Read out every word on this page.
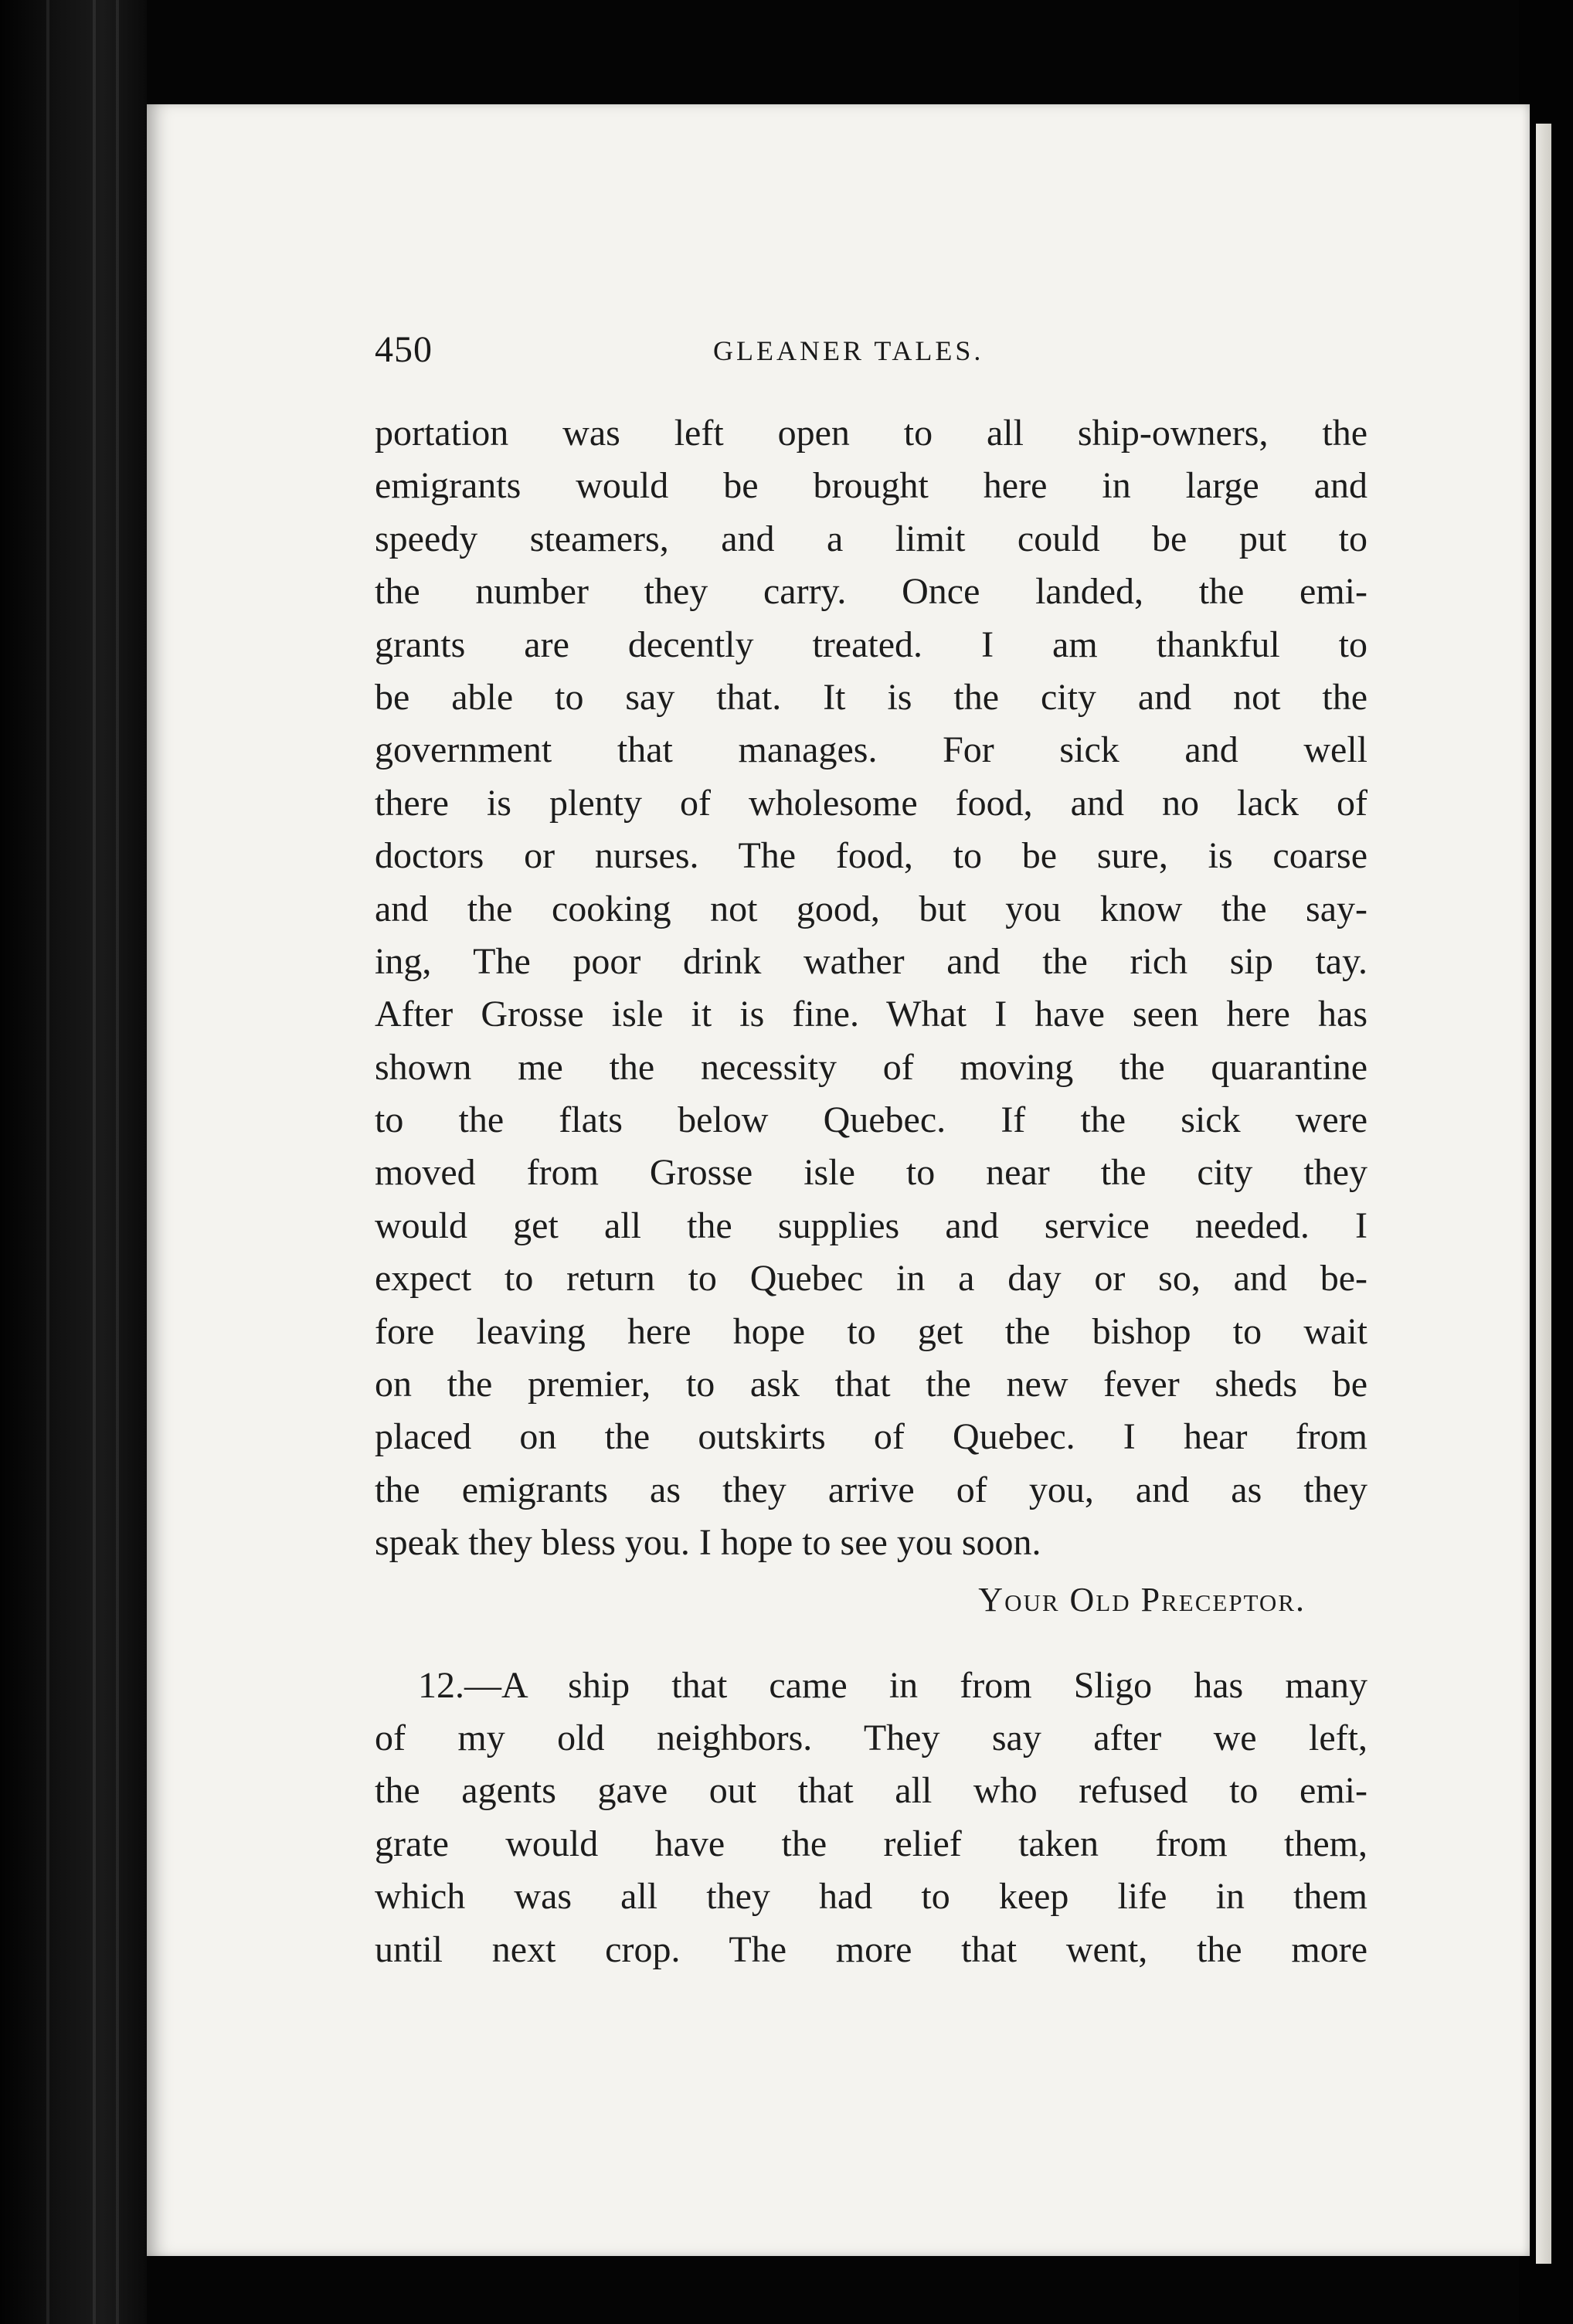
450	GLEANER TALES.
portation was left open to all ship-owners, the
emigrants would be brought here in large and
speedy steamers, and a limit could be put to
the number they carry. Once landed, the emi-
grants are decently treated. I am thankful to
be able to say that. It is the city and not the
government that manages. For sick and well
there is plenty of wholesome food, and no lack of
doctors or nurses. The food, to be sure, is coarse
and the cooking not good, but you know the say-
ing, The poor drink wather and the rich sip tay.
After Grosse isle it is fine. What I have seen here has
shown me the necessity of moving the quarantine
to the flats below Quebec. If the sick were
moved from Grosse isle to near the city they
would get all the supplies and service needed. I
expect to return to Quebec in a day or so, and be-
fore leaving here hope to get the bishop to wait
on the premier, to ask that the new fever sheds be
placed on the outskirts of Quebec. I hear from
the emigrants as they arrive of you, and as they
speak they bless you. I hope to see you soon.
Your Old Preceptor.
12.—A ship that came in from Sligo has many
of my old neighbors. They say after we left,
the agents gave out that all who refused to emi-
grate would have the relief taken from them,
which was all they had to keep life in them
until next crop. The more that went, the more
